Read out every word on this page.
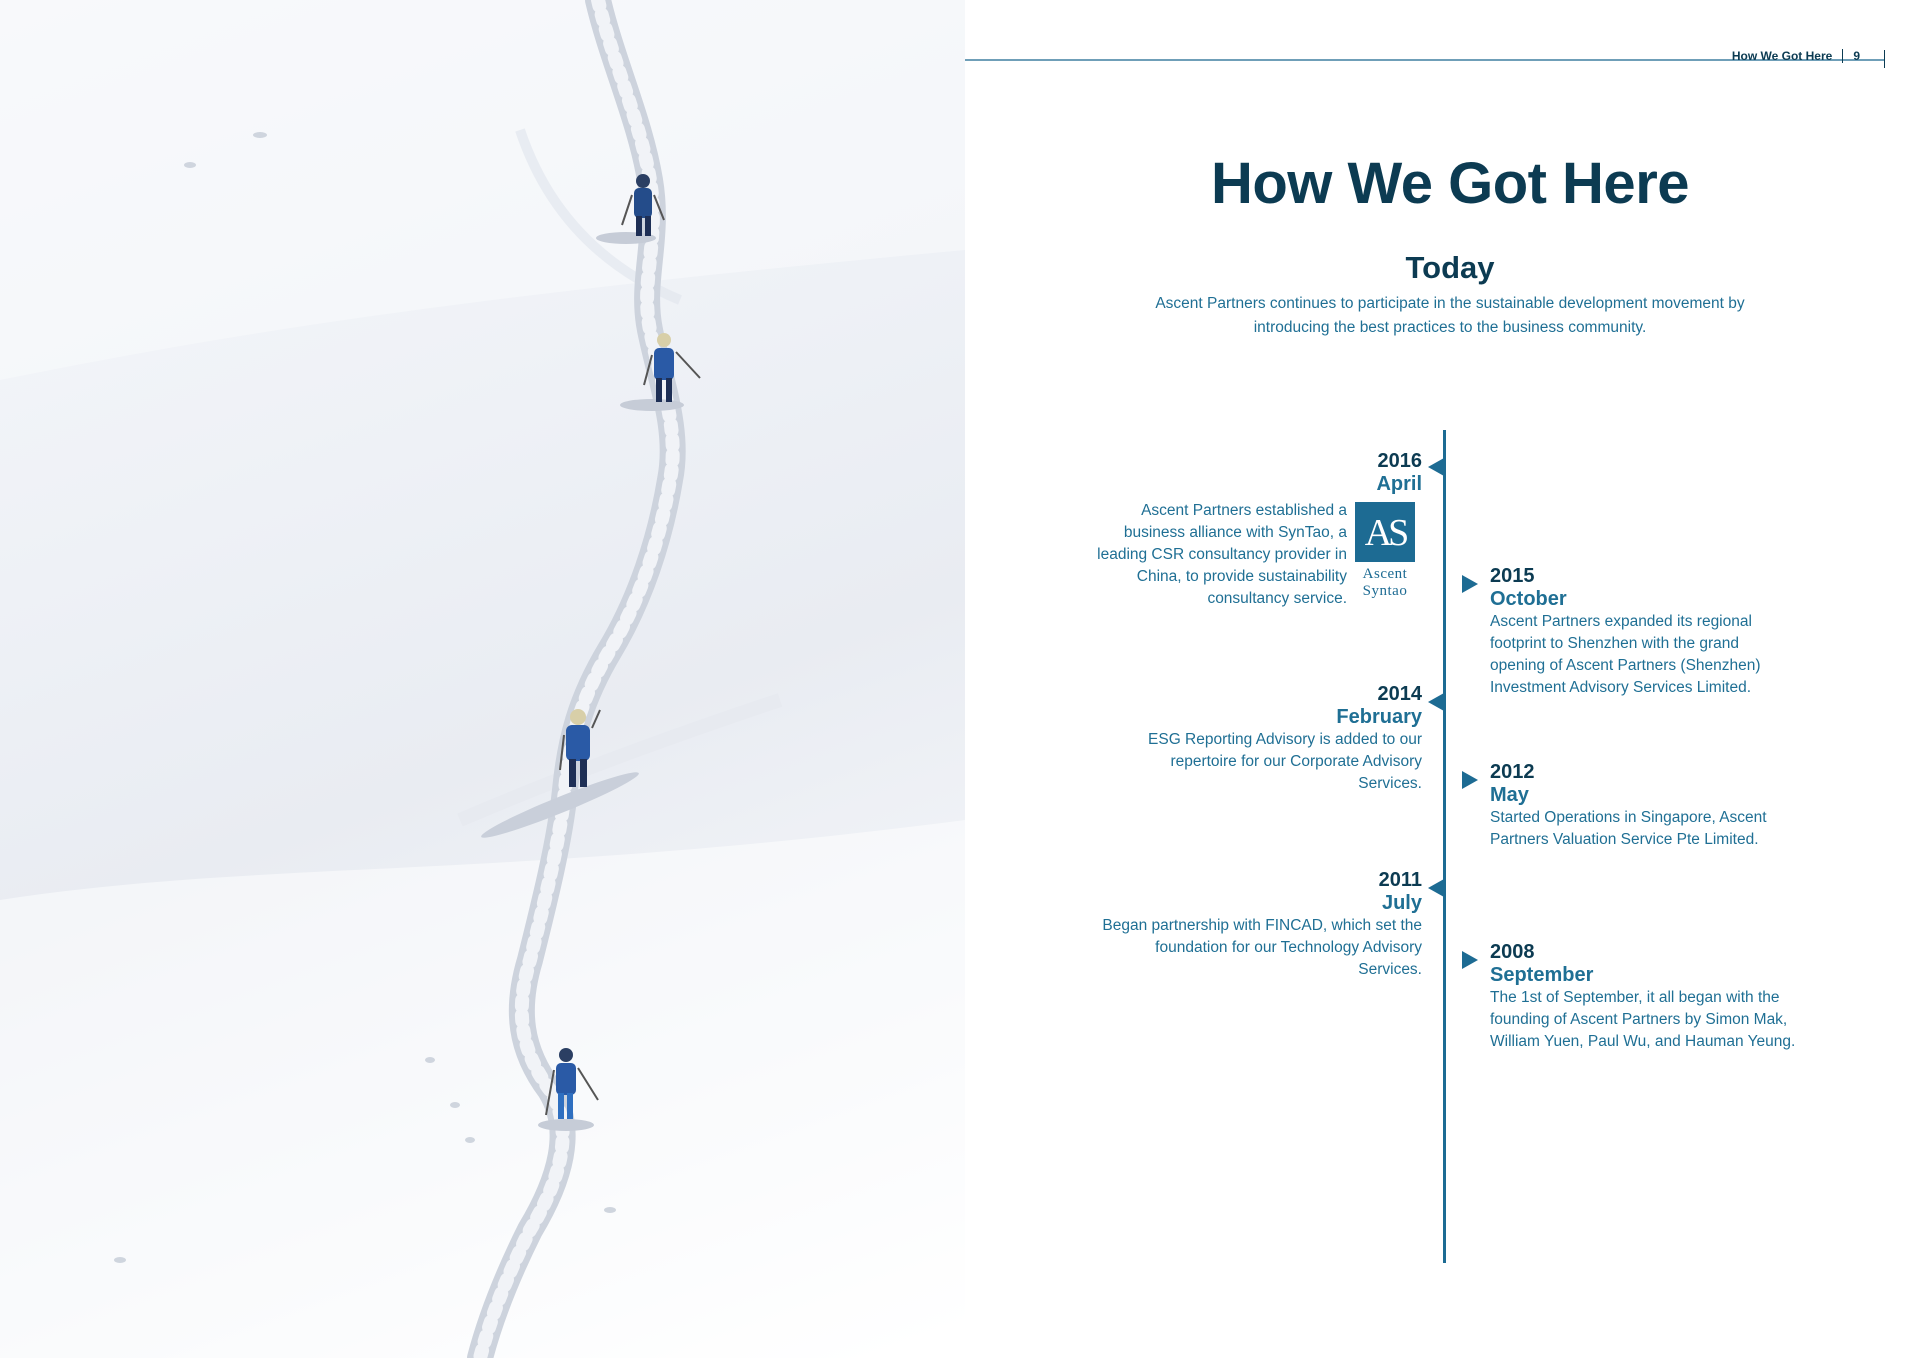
How We Got Here 9
How We Got Here
Today
Ascent Partners continues to participate in the sustainable development movement by introducing the best practices to the business community.
2016
April
Ascent Partners established a business alliance with SynTao, a leading CSR consultancy provider in China, to provide sustainability consultancy service.
AS
Ascent
Syntao
2015
October
Ascent Partners expanded its regional footprint to Shenzhen with the grand opening of Ascent Partners (Shenzhen) Investment Advisory Services Limited.
2014
February
ESG Reporting Advisory is added to our repertoire for our Corporate Advisory Services.
2012
May
Started Operations in Singapore, Ascent Partners Valuation Service Pte Limited.
2011
July
Began partnership with FINCAD, which set the foundation for our Technology Advisory Services.
2008
September
The 1st of September, it all began with the founding of Ascent Partners by Simon Mak, William Yuen, Paul Wu, and Hauman Yeung.
